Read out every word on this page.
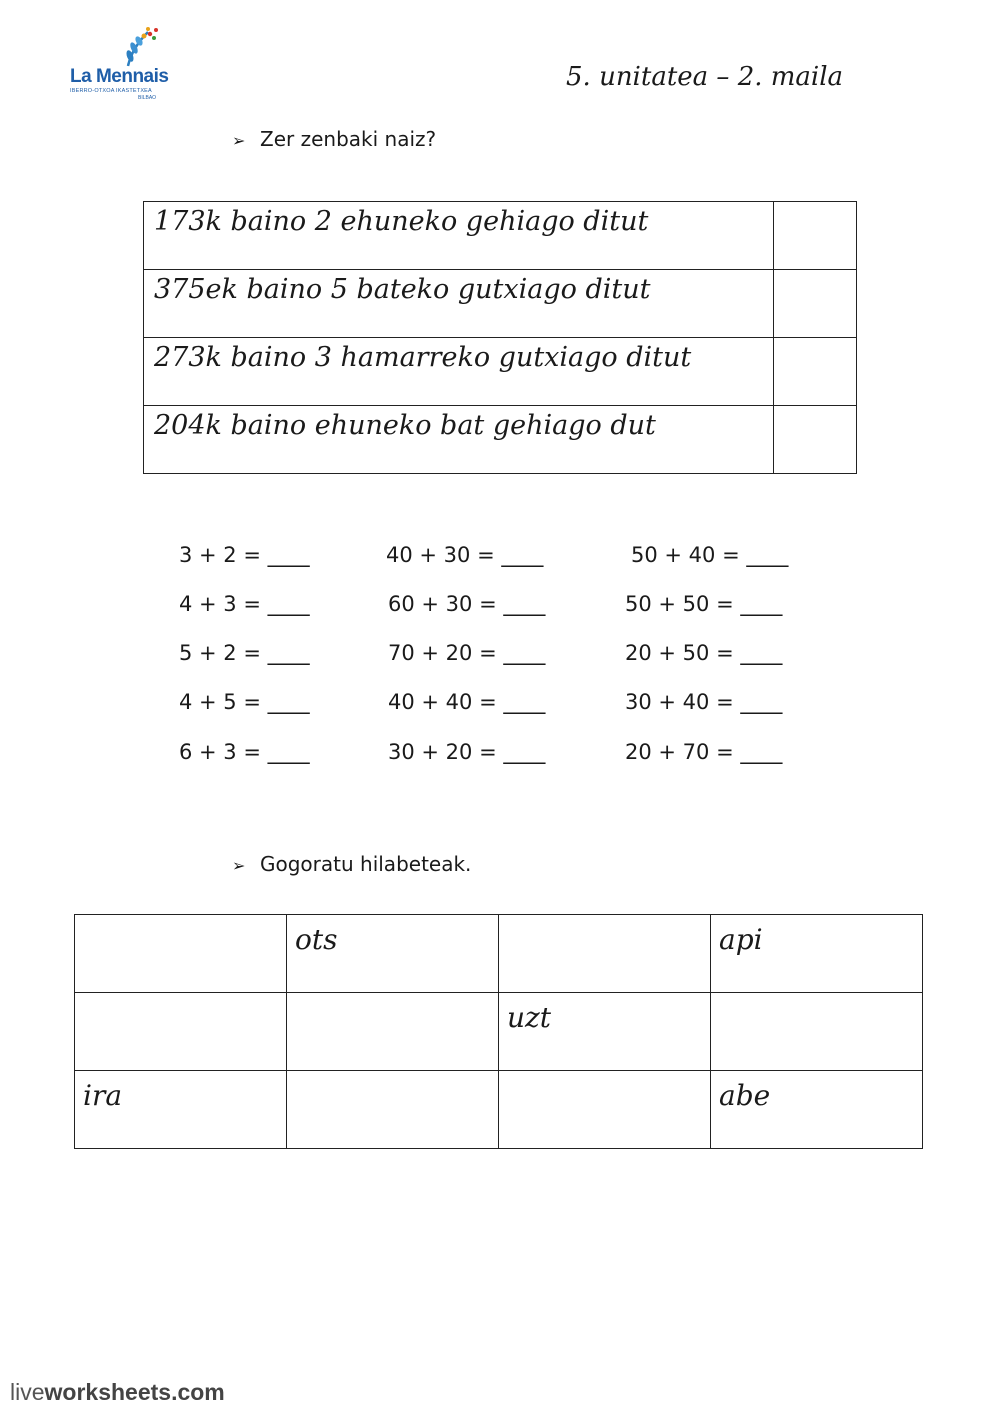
La Mennais
IBERRO-OTXOA IKASTETXEA
BILBAO
5. unitatea – 2. maila
➢ Zer zenbaki naiz?
173k baino 2 ehuneko gehiago ditut	
375ek baino 5 bateko gutxiago ditut	
273k baino 3 hamarreko gutxiago ditut	
204k baino ehuneko bat gehiago dut	
3 + 2 = ____
4 + 3 = ____
5 + 2 = ____
4 + 5 = ____
6 + 3 = ____
40 + 30 = ____
60 + 30 = ____
70 + 20 = ____
40 + 40 = ____
30 + 20 = ____
50 + 40 = ____
50 + 50 = ____
20 + 50 = ____
30 + 40 = ____
20 + 70 = ____
➢ Gogoratu hilabeteak.

	ots		api

		uzt	

ira			abe
liveworksheets.com
